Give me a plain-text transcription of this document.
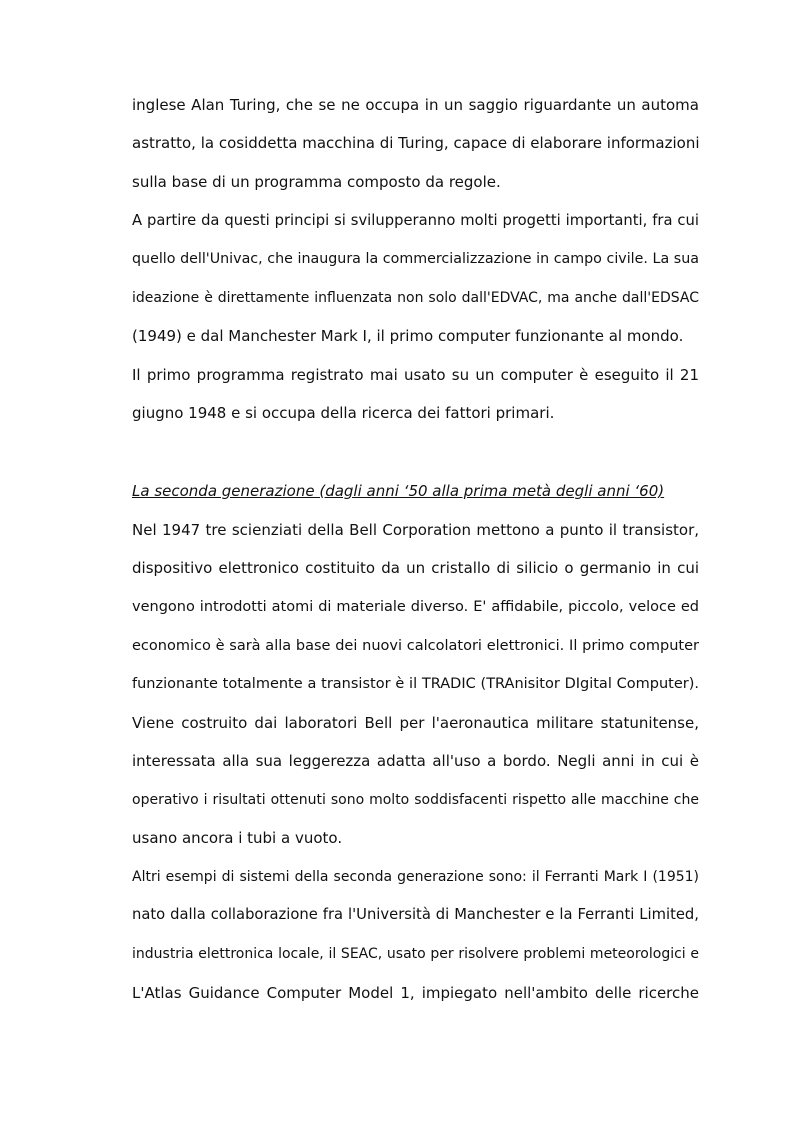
inglese Alan Turing, che se ne occupa in un saggio riguardante un automa

astratto, la cosiddetta macchina di Turing, capace di elaborare informazioni

sulla base di un programma composto da regole.

A partire da questi principi si svilupperanno molti progetti importanti, fra cui

quello dell'Univac, che inaugura la commercializzazione in campo civile. La sua

ideazione è direttamente influenzata non solo dall'EDVAC, ma anche dall'EDSAC

(1949) e dal Manchester Mark I, il primo computer funzionante al mondo.

Il primo programma registrato mai usato su un computer è eseguito il 21

giugno 1948 e si occupa della ricerca dei fattori primari.

La seconda generazione (dagli anni ‘50 alla prima metà degli anni ‘60)

Nel 1947 tre scienziati della Bell Corporation mettono a punto il transistor,

dispositivo elettronico costituito da un cristallo di silicio o germanio in cui

vengono introdotti atomi di materiale diverso. E' affidabile, piccolo, veloce ed

economico è sarà alla base dei nuovi calcolatori elettronici. Il primo computer

funzionante totalmente a transistor è il TRADIC (TRAnisitor DIgital Computer).

Viene costruito dai laboratori Bell per l'aeronautica militare statunitense,

interessata alla sua leggerezza adatta all'uso a bordo. Negli anni in cui è

operativo i risultati ottenuti sono molto soddisfacenti rispetto alle macchine che

usano ancora i tubi a vuoto.

Altri esempi di sistemi della seconda generazione sono: il Ferranti Mark I (1951)

nato dalla collaborazione fra l'Università di Manchester e la Ferranti Limited,

industria elettronica locale, il SEAC, usato per risolvere problemi meteorologici e

L'Atlas Guidance Computer Model 1, impiegato nell'ambito delle ricerche
